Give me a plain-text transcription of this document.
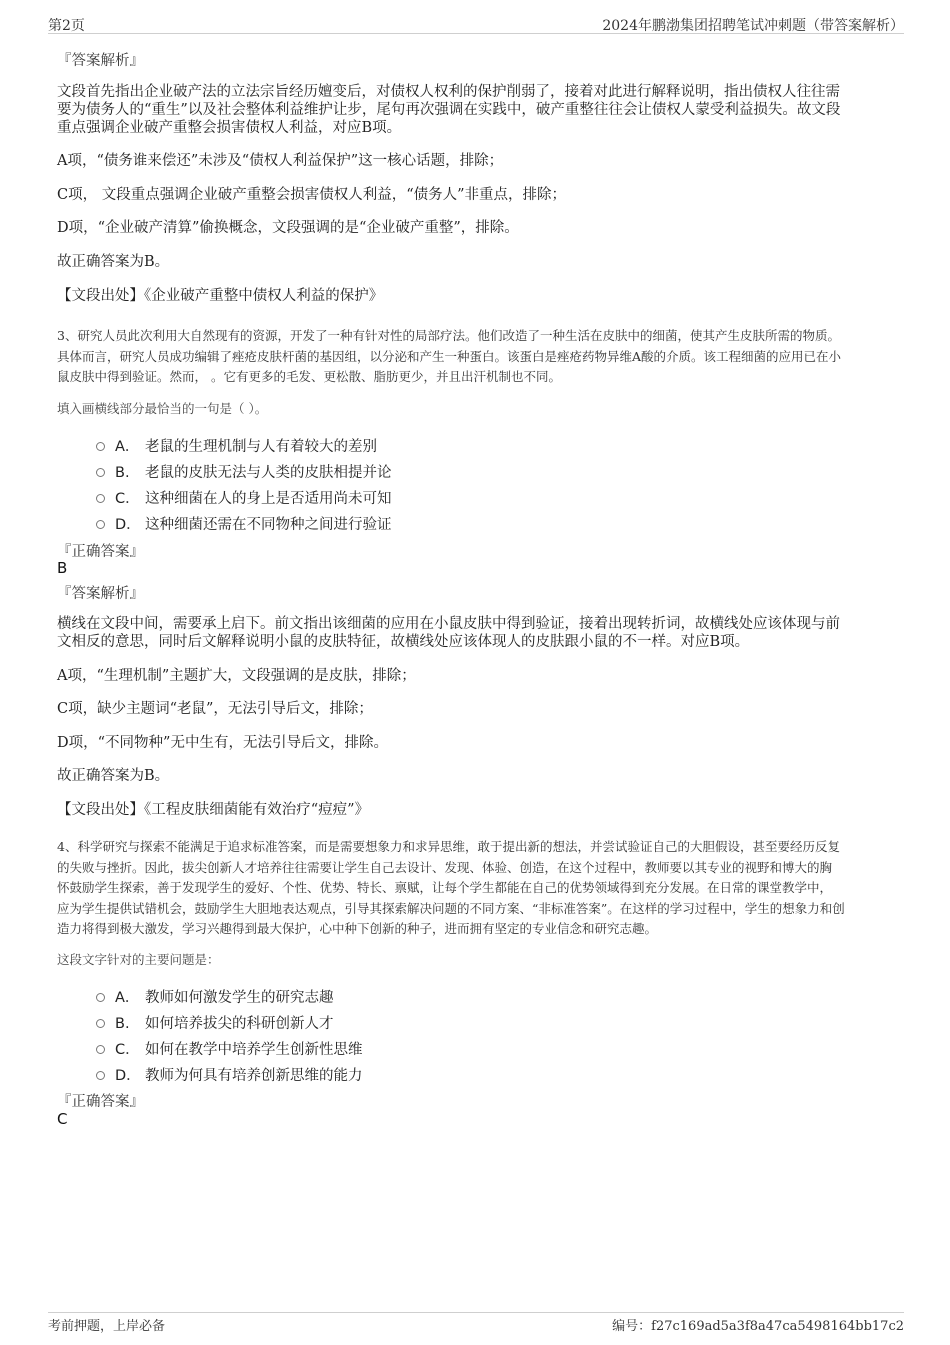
第2页	2024年鹏渤集团招聘笔试冲刺题（带答案解析）
『答案解析』
文段首先指出企业破产法的立法宗旨经历嬗变后，对债权人权利的保护削弱了，接着对此进行解释说明，指出债权人往往需
要为债务人的“重生”以及社会整体利益维护让步，尾句再次强调在实践中，破产重整往往会让债权人蒙受利益损失。故文段
重点强调企业破产重整会损害债权人利益，对应B项。
A项，“债务谁来偿还”未涉及“债权人利益保护”这一核心话题，排除；
C项， 文段重点强调企业破产重整会损害债权人利益，“债务人”非重点，排除；
D项，“企业破产清算”偷换概念，文段强调的是“企业破产重整”，排除。
故正确答案为B。
【文段出处】《企业破产重整中债权人利益的保护》
3、研究人员此次利用大自然现有的资源，开发了一种有针对性的局部疗法。他们改造了一种生活在皮肤中的细菌，使其产生皮肤所需的物质。
具体而言，研究人员成功编辑了痤疮皮肤杆菌的基因组，以分泌和产生一种蛋白。该蛋白是痤疮药物异维A酸的介质。该工程细菌的应用已在小
鼠皮肤中得到验证。然而， 。它有更多的毛发、更松散、脂肪更少，并且出汗机制也不同。
填入画横线部分最恰当的一句是（ ）。
A． 老鼠的生理机制与人有着较大的差别
B. 老鼠的皮肤无法与人类的皮肤相提并论
C． 这种细菌在人的身上是否适用尚未可知
D． 这种细菌还需在不同物种之间进行验证
『正确答案』
B
『答案解析』
横线在文段中间，需要承上启下。前文指出该细菌的应用在小鼠皮肤中得到验证，接着出现转折词，故横线处应该体现与前
文相反的意思，同时后文解释说明小鼠的皮肤特征，故横线处应该体现人的皮肤跟小鼠的不一样。对应B项。
A项，“生理机制”主题扩大，文段强调的是皮肤，排除；
C项，缺少主题词“老鼠”，无法引导后文，排除；
D项，“不同物种”无中生有，无法引导后文，排除。
故正确答案为B。
【文段出处】《工程皮肤细菌能有效治疗“痘痘”》
4、科学研究与探索不能满足于追求标准答案，而是需要想象力和求异思维，敢于提出新的想法，并尝试验证自己的大胆假设，甚至要经历反复
的失败与挫折。因此，拔尖创新人才培养往往需要让学生自己去设计、发现、体验、创造，在这个过程中，教师要以其专业的视野和博大的胸
怀鼓励学生探索，善于发现学生的爱好、个性、优势、特长、禀赋，让每个学生都能在自己的优势领域得到充分发展。在日常的课堂教学中，
应为学生提供试错机会，鼓励学生大胆地表达观点，引导其探索解决问题的不同方案、“非标准答案”。在这样的学习过程中，学生的想象力和创
造力将得到极大激发，学习兴趣得到最大保护，心中种下创新的种子，进而拥有坚定的专业信念和研究志趣。
这段文字针对的主要问题是：
A． 教师如何激发学生的研究志趣
B. 如何培养拔尖的科研创新人才
C． 如何在教学中培养学生创新性思维
D． 教师为何具有培养创新思维的能力
『正确答案』
C
考前押题，上岸必备	编号：f27c169ad5a3f8a47ca5498164bb17c2
